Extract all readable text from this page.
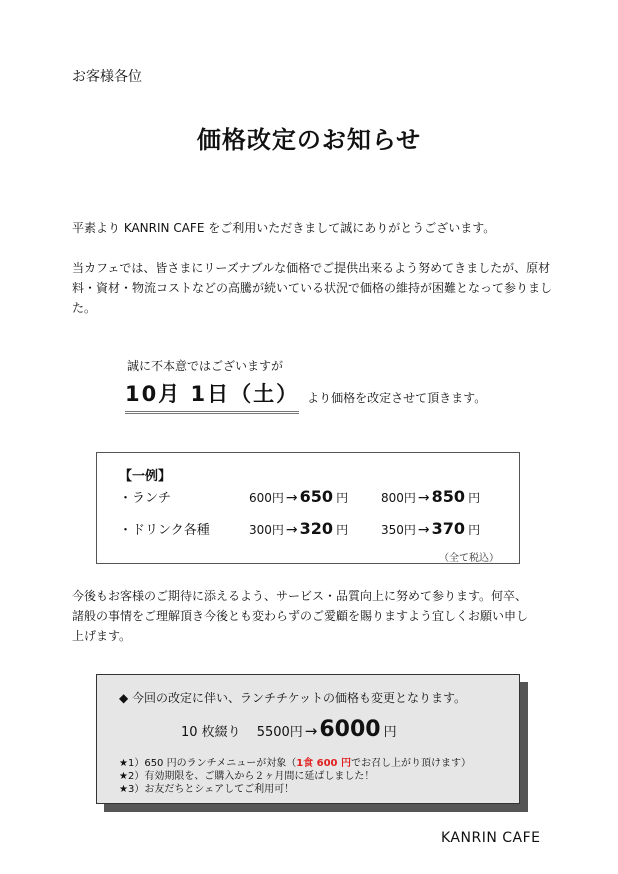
お客様各位
価格改定のお知らせ
平素より KANRIN CAFE をご利用いただきまして誠にありがとうございます。
当カフェでは、皆さまにリーズナブルな価格でご提供出来るよう努めてきましたが、原材料・資材・物流コストなどの高騰が続いている状況で価格の維持が困難となって参りました。
誠に不本意ではございますが
10月 1日（土） より価格を改定させて頂きます。
【一例】
・ランチ	600 円 → 650 円	800 円 → 850 円
・ドリンク各種	300 円 → 320 円	350 円 → 370 円
（全て税込）
今後もお客様のご期待に添えるよう、サービス・品質向上に努めて参ります。何卒、諸般の事情をご理解頂き今後とも変わらずのご愛顧を賜りますよう宜しくお願い申し上げます。
◆ 今回の改定に伴い、ランチチケットの価格も変更となります。
10 枚綴り 5500 円 → 6000 円
★1）650 円のランチメニューが対象（1食 600 円でお召し上がり頂けます）
★2）有効期限を、ご購入から２ヶ月間に延ばしました！
★3）お友だちとシェアしてご利用可！
KANRIN CAFE
